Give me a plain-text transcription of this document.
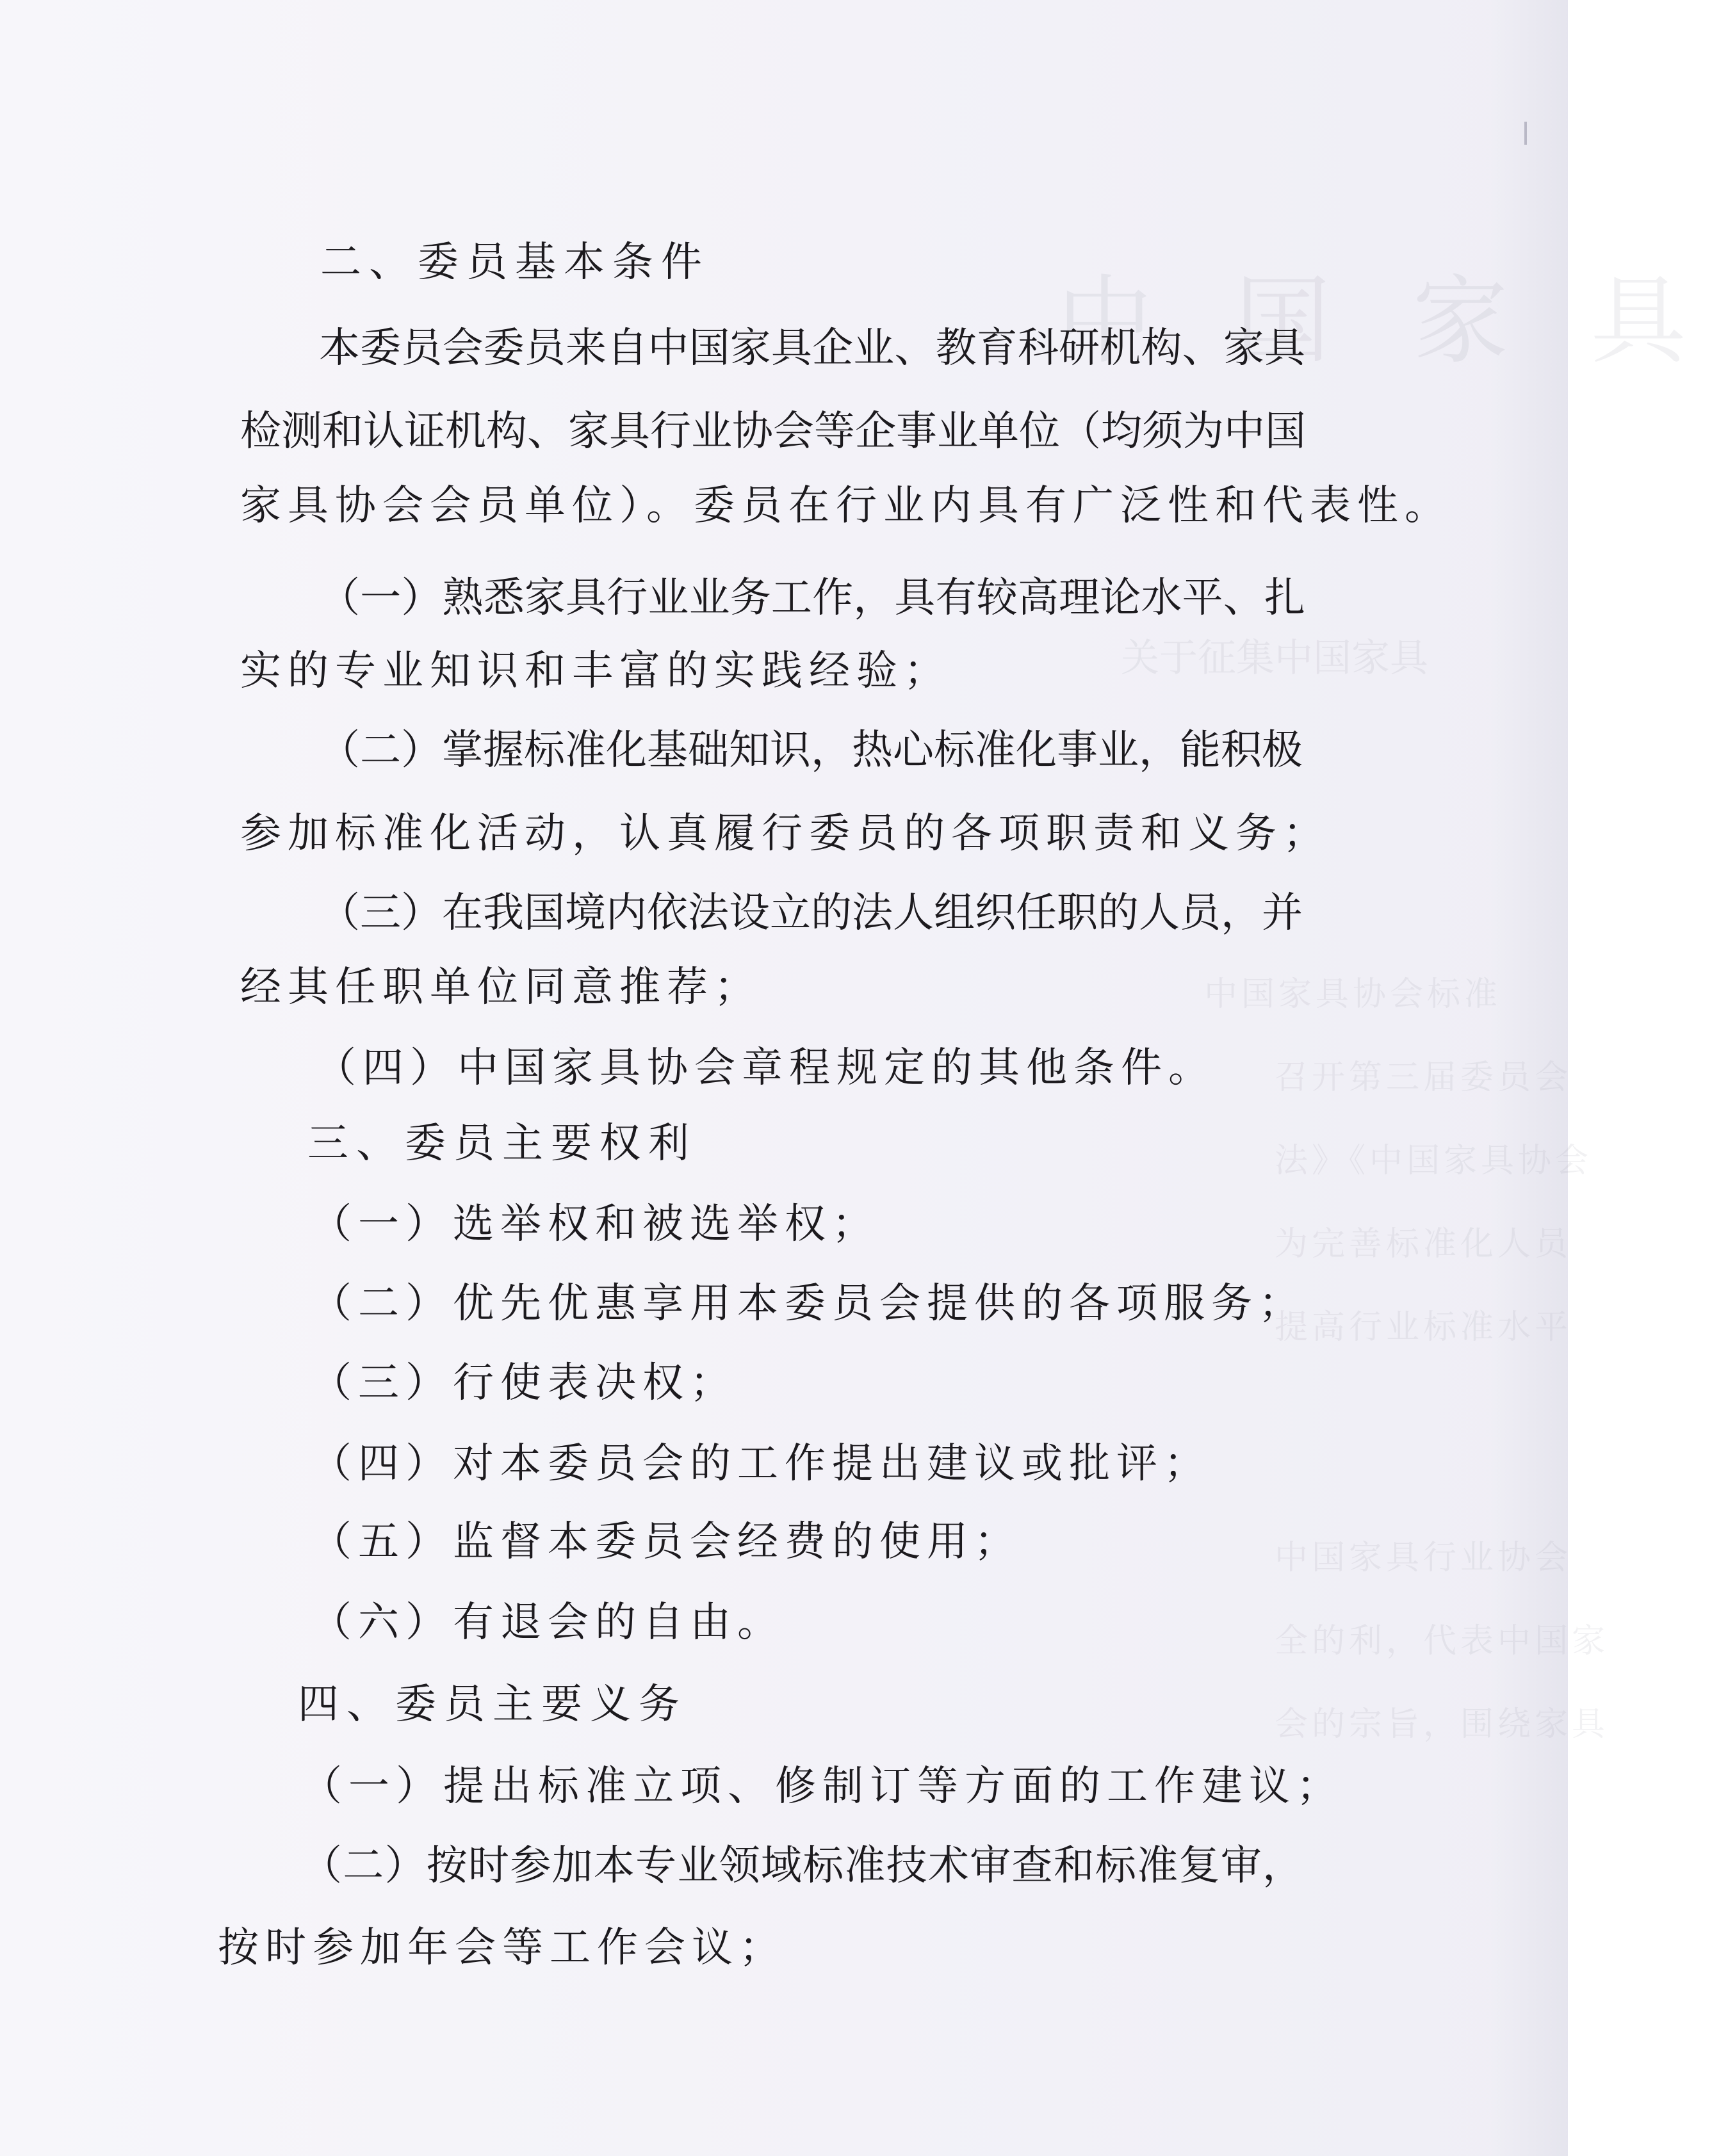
中 国 家 具
关于征集中国家具
中国家具协会标准
召开第三届委员会
法》《中国家具协会
为完善标准化人员
提高行业标准水平
中国家具行业协会
全的利，代表中国家
会的宗旨，围绕家具
二、委员基本条件
本委员会委员来自中国家具企业、教育科研机构、家具
检测和认证机构、家具行业协会等企事业单位（均须为中国
家具协会会员单位）。委员在行业内具有广泛性和代表性。
（一）熟悉家具行业业务工作，具有较高理论水平、扎
实的专业知识和丰富的实践经验；
（二）掌握标准化基础知识，热心标准化事业，能积极
参加标准化活动，认真履行委员的各项职责和义务；
（三）在我国境内依法设立的法人组织任职的人员，并
经其任职单位同意推荐；
（四）中国家具协会章程规定的其他条件。
三、委员主要权利
（一）选举权和被选举权；
（二）优先优惠享用本委员会提供的各项服务；
（三）行使表决权；
（四）对本委员会的工作提出建议或批评；
（五）监督本委员会经费的使用；
（六）有退会的自由。
四、委员主要义务
（一）提出标准立项、修制订等方面的工作建议；
（二）按时参加本专业领域标准技术审查和标准复审，
按时参加年会等工作会议；
